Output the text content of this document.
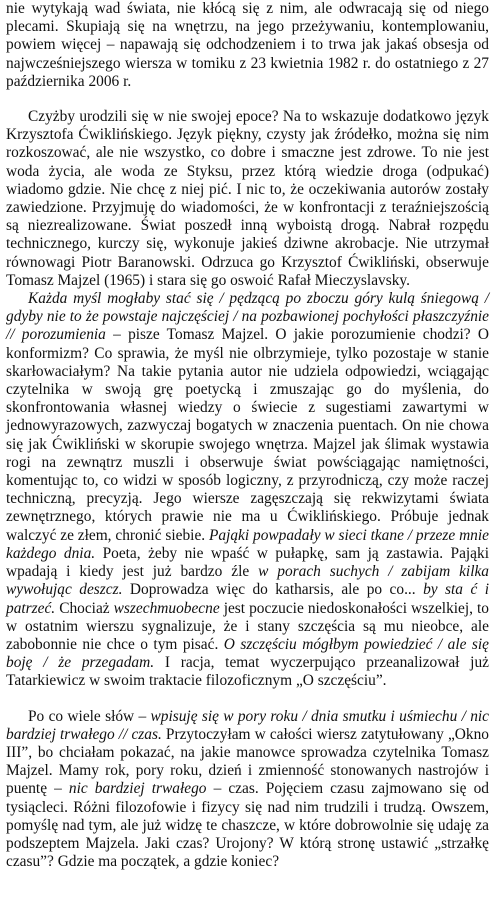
nie wytykają wad świata, nie kłócą się z nim, ale odwracają się od niego plecami. Skupiają się na wnętrzu, na jego przeżywaniu, kontemplowaniu, powiem więcej – napawają się odchodzeniem i to trwa jak jakaś obsesja od najwcześniejszego wiersza w tomiku z 23 kwietnia 1982 r. do ostatniego z 27 października 2006 r.

Czyżby urodzili się w nie swojej epoce? Na to wskazuje dodatkowo język Krzysztofa Ćwiklińskiego. Język piękny, czysty jak źródełko, można się nim rozkoszować, ale nie wszystko, co dobre i smaczne jest zdrowe. To nie jest woda życia, ale woda ze Styksu, przez którą wiedzie droga (odpukać) wiadomo gdzie. Nie chcę z niej pić. I nic to, że oczekiwania autorów zostały zawiedzione. Przyjmuję do wiadomości, że w konfrontacji z teraźniejszością są niezrealizowane. Świat poszedł inną wyboistą drogą. Nabrał rozpędu technicznego, kurczy się, wykonuje jakieś dziwne akrobacje. Nie utrzymał równowagi Piotr Baranowski. Odrzuca go Krzysztof Ćwikliński, obserwuje Tomasz Majzel (1965) i stara się go oswoić Rafał Mieczyslavsky.

Każda myśl mogłaby stać się / pędzącą po zboczu góry kulą śniegową / gdyby nie to że powstaje najczęściej / na pozbawionej pochyłości płaszczyźnie // porozumienia – pisze Tomasz Majzel. O jakie porozumienie chodzi? O konformizm? Co sprawia, że myśl nie olbrzymieje, tylko pozostaje w stanie skarłowaciałym? Na takie pytania autor nie udziela odpowiedzi, wciągając czytelnika w swoją grę poetycką i zmuszając go do myślenia, do skonfrontowania własnej wiedzy o świecie z sugestiami zawartymi w jednowyrazowych, zazwyczaj bogatych w znaczenia puentach. On nie chowa się jak Ćwikliński w skorupie swojego wnętrza. Majzel jak ślimak wystawia rogi na zewnątrz muszli i obserwuje świat powściągając namiętności, komentując to, co widzi w sposób logiczny, z przyrodniczą, czy może raczej techniczną, precyzją. Jego wiersze zagęszczają się rekwizytami świata zewnętrznego, których prawie nie ma u Ćwiklińskiego. Próbuje jednak walczyć ze złem, chronić siebie. Pająki powpadały w sieci tkane / przeze mnie każdego dnia. Poeta, żeby nie wpaść w pułapkę, sam ją zastawia. Pająki wpadają i kiedy jest już bardzo źle w porach suchych / zabijam kilka wywołując deszcz. Doprowadza więc do katharsis, ale po co... by sta ć i patrzeć. Chociaż wszechmuobecne jest poczucie niedoskonałości wszelkiej, to w ostatnim wierszu sygnalizuje, że i stany szczęścia są mu nieobce, ale zabobonnie nie chce o tym pisać. O szczęściu mógłbym powiedzieć / ale się boję / że przegadam. I racja, temat wyczerpująco przeanalizował już Tatarkiewicz w swoim traktacie filozoficznym „O szczęściu”.

Po co wiele słów – wpisuję się w pory roku / dnia smutku i uśmiechu / nic bardziej trwałego // czas. Przytoczyłam w całości wiersz zatytułowany „Okno III”, bo chciałam pokazać, na jakie manowce sprowadza czytelnika Tomasz Majzel. Mamy rok, pory roku, dzień i zmienność stonowanych nastrojów i puentę – nic bardziej trwałego – czas. Pojęciem czasu zajmowano się od tysiącleci. Różni filozofowie i fizycy się nad nim trudzili i trudzą. Owszem, pomyślę nad tym, ale już widzę te chaszcze, w które dobrowolnie się udaję za podszeptem Majzela. Jaki czas? Urojony? W którą stronę ustawić „strzałkę czasu”? Gdzie ma początek, a gdzie koniec?
